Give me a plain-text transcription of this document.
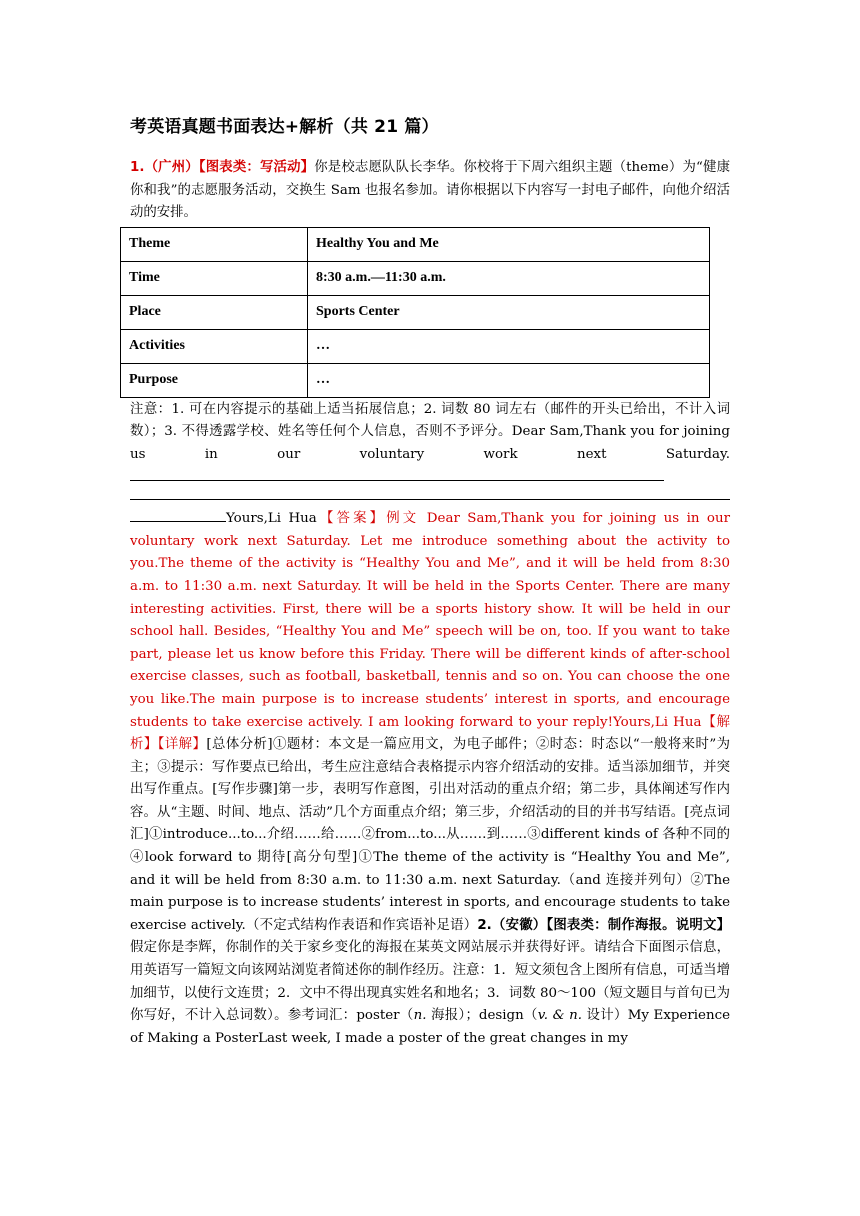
考英语真题书面表达+解析（共 21 篇）

1.（广州）【图表类：写活动】你是校志愿队队长李华。你校将于下周六组织主题（theme）为“健康你和我”的志愿服务活动，交换生 Sam 也报名参加。请你根据以下内容写一封电子邮件，向他介绍活动的安排。

Theme	Healthy You and Me
Time	8:30 a.m.—11:30 a.m.
Place	Sports Center
Activities	…
Purpose	…

注意：1. 可在内容提示的基础上适当拓展信息；2. 词数 80 词左右（邮件的开头已给出，不计入词数）；3. 不得透露学校、姓名等任何个人信息，否则不予评分。Dear Sam,Thank you for joining us in our voluntary work next Saturday.

Yours,Li Hua【答案】例文 Dear Sam,Thank you for joining us in our voluntary work next Saturday. Let me introduce something about the activity to you.The theme of the activity is “Healthy You and Me”, and it will be held from 8:30 a.m. to 11:30 a.m. next Saturday. It will be held in the Sports Center. There are many interesting activities. First, there will be a sports history show. It will be held in our school hall. Besides, “Healthy You and Me” speech will be on, too. If you want to take part, please let us know before this Friday. There will be different kinds of after-school exercise classes, such as football, basketball, tennis and so on. You can choose the one you like.The main purpose is to increase students’ interest in sports, and encourage students to take exercise actively. I am looking forward to your reply!Yours,Li Hua【解析】【详解】[总体分析]①题材：本文是一篇应用文，为电子邮件；②时态：时态以“一般将来时”为主；③提示：写作要点已给出，考生应注意结合表格提示内容介绍活动的安排。适当添加细节，并突出写作重点。[写作步骤]第一步，表明写作意图，引出对活动的重点介绍；第二步，具体阐述写作内容。从“主题、时间、地点、活动”几个方面重点介绍；第三步，介绍活动的目的并书写结语。[亮点词汇]①introduce...to...介绍……给……②from...to...从……到……③different kinds of 各种不同的④look forward to 期待[高分句型]①The theme of the activity is “Healthy You and Me”, and it will be held from 8:30 a.m. to 11:30 a.m. next Saturday.（and 连接并列句）②The main purpose is to increase students’ interest in sports, and encourage students to take exercise actively.（不定式结构作表语和作宾语补足语）2.（安徽）【图表类：制作海报。说明文】假定你是李辉，你制作的关于家乡变化的海报在某英文网站展示并获得好评。请结合下面图示信息，用英语写一篇短文向该网站浏览者简述你的制作经历。注意：1．短文须包含上图所有信息，可适当增加细节，以使行文连贯；2．文中不得出现真实姓名和地名；3．词数 80～100（短文题目与首句已为你写好，不计入总词数）。参考词汇：poster（n. 海报）；design（v. & n. 设计）My Experience of Making a PosterLast week, I made a poster of the great changes in my
